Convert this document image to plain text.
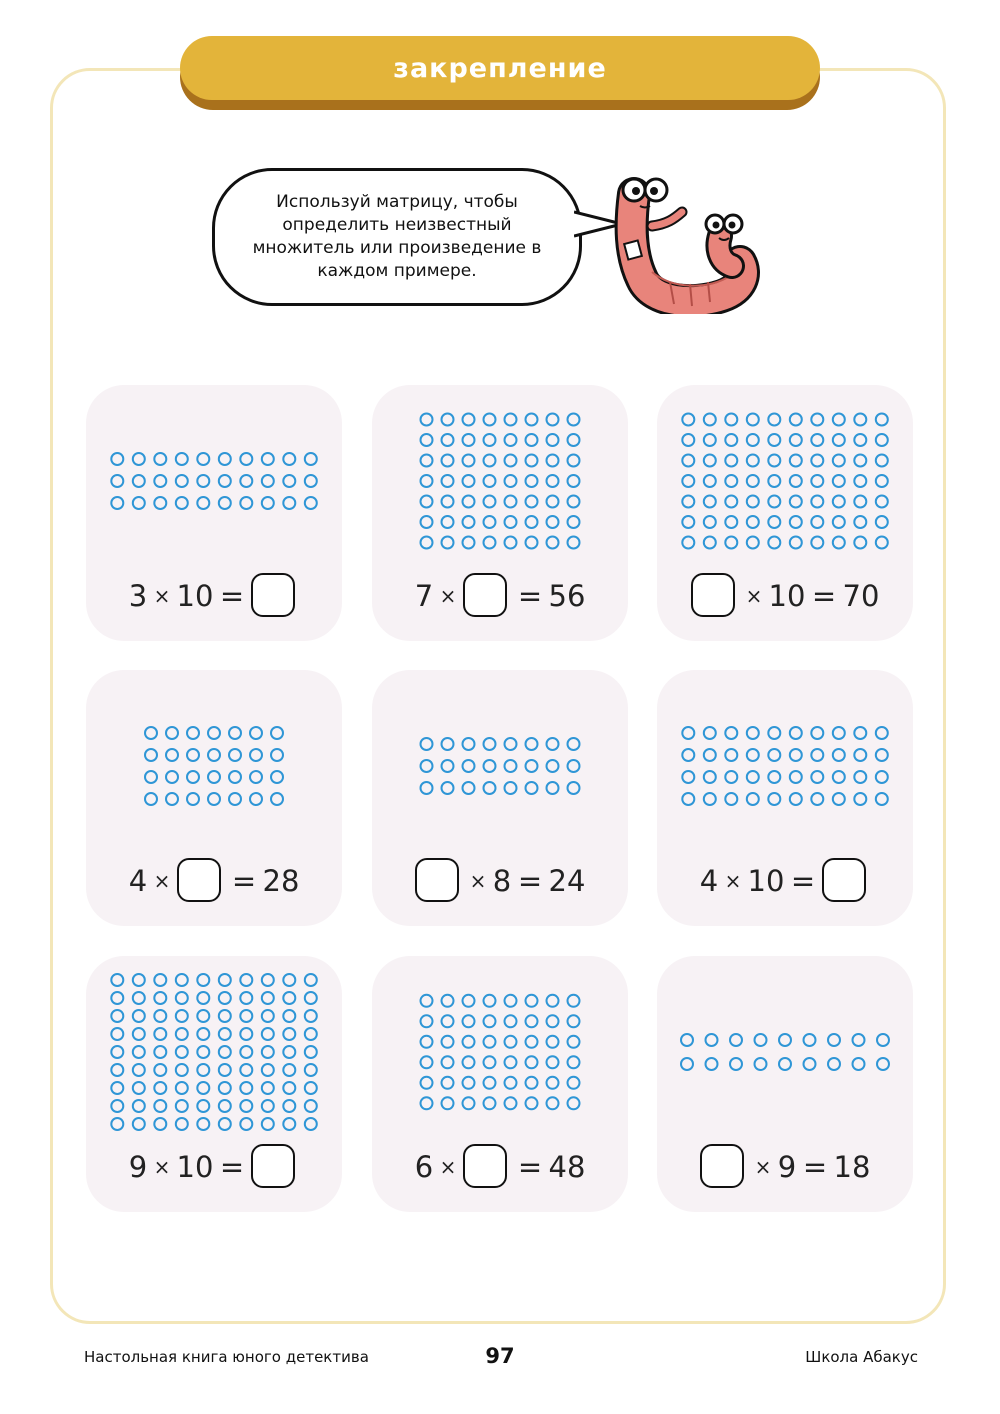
закрепление
Используй матрицу, чтобы определить неизвестный множитель или произведение в каждом примере.
3 × 10 =	7 × = 56	× 10 = 70
4 × = 28	× 8 = 24	4 × 10 =
9 × 10 =	6 × = 48	× 9 = 18
Настольная книга юного детектива	97	Школа Абакус
